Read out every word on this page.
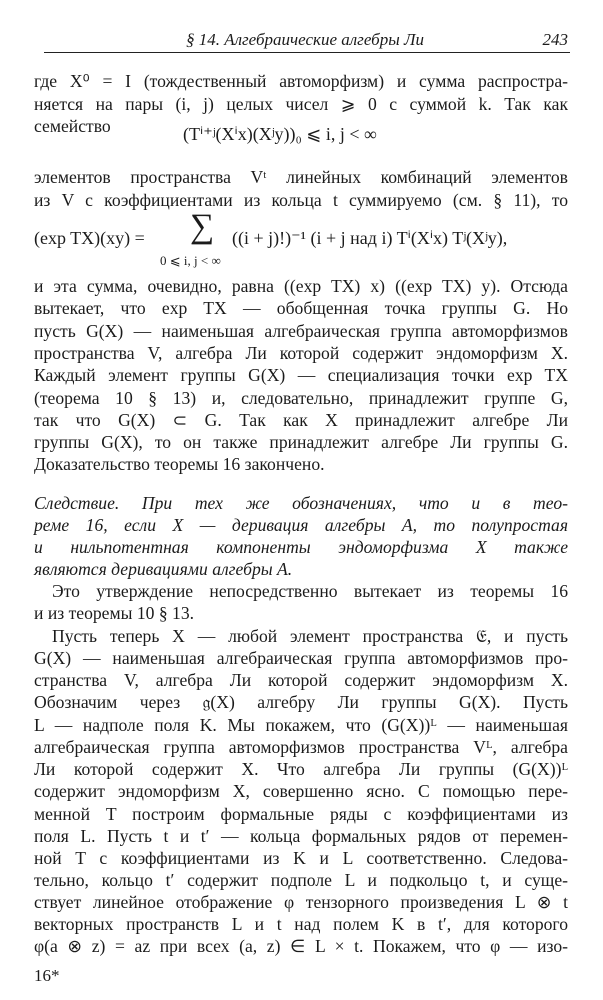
§ 14. Алгебраические алгебры Ли	243
где X⁰ = I (тождественный автоморфизм) и сумма распростра-
няется на пары (i, j) целых чисел ⩾ 0 с суммой k. Так как
семейство	(Tⁱ⁺ʲ(Xⁱx)(Xʲy))₀ ⩽ i, j < ∞
элементов пространства Vᵗ линейных комбинаций элементов
из V с коэффициентами из кольца t суммируемо (см. § 11), то
(exp TX)(xy) = ∑
0 ⩽ i, j < ∞
((i + j)!)⁻¹ (i + j над i) Tⁱ(Xⁱx) Tʲ(Xʲy),
и эта сумма, очевидно, равна ((exp TX) x) ((exp TX) y). Отсюда
вытекает, что exp TX — обобщенная точка группы G. Но
пусть G(X) — наименьшая алгебраическая группа автоморфизмов
пространства V, алгебра Ли которой содержит эндоморфизм X.
Каждый элемент группы G(X) — специализация точки exp TX
(теорема 10 § 13) и, следовательно, принадлежит группе G,
так что G(X) ⊂ G. Так как X принадлежит алгебре Ли
группы G(X), то он также принадлежит алгебре Ли группы G.
Доказательство теоремы 16 закончено.
Следствие. При тех же обозначениях, что и в тео-
реме 16, если X — деривация алгебры A, то полупростая
и нильпотентная компоненты эндоморфизма X также
являются деривациями алгебры A.
Это утверждение непосредственно вытекает из теоремы 16
и из теоремы 10 § 13.
Пусть теперь X — любой элемент пространства 𝔈, и пусть
G(X) — наименьшая алгебраическая группа автоморфизмов про-
странства V, алгебра Ли которой содержит эндоморфизм X.
Обозначим через 𝔤(X) алгебру Ли группы G(X). Пусть
L — надполе поля K. Мы покажем, что (G(X))ᴸ — наименьшая
алгебраическая группа автоморфизмов пространства Vᴸ, алгебра
Ли которой содержит X. Что алгебра Ли группы (G(X))ᴸ
содержит эндоморфизм X, совершенно ясно. С помощью пере-
менной T построим формальные ряды с коэффициентами из
поля L. Пусть t и t′ — кольца формальных рядов от перемен-
ной T с коэффициентами из K и L соответственно. Следова-
тельно, кольцо t′ содержит подполе L и подкольцо t, и суще-
ствует линейное отображение φ тензорного произведения L ⊗ t
векторных пространств L и t над полем K в t′, для которого
φ(a ⊗ z) = az при всех (a, z) ∈ L × t. Покажем, что φ — изо-
16*
